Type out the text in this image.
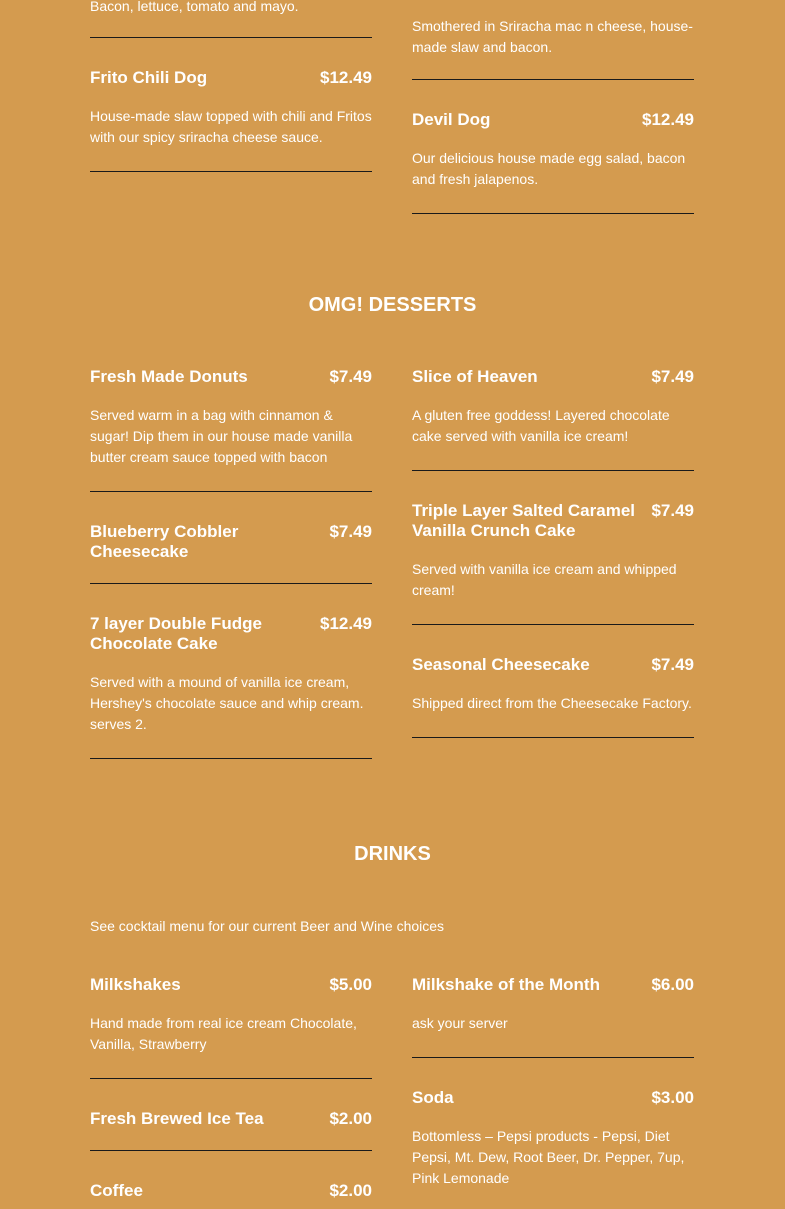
Bacon, lettuce, tomato and mayo.
Frito Chili Dog	$12.49
House-made slaw topped with chili and Fritos with our spicy sriracha cheese sauce.
Smothered in Sriracha mac n cheese, house-made slaw and bacon.
Devil Dog	$12.49
Our delicious house made egg salad, bacon and fresh jalapenos.
OMG! DESSERTS
Fresh Made Donuts	$7.49
Served warm in a bag with cinnamon & sugar! Dip them in our house made vanilla butter cream sauce topped with bacon
Blueberry Cobbler Cheesecake
$7.49
7 layer Double Fudge Chocolate Cake
$12.49
Served with a mound of vanilla ice cream, Hershey's chocolate sauce and whip cream. serves 2.
Slice of Heaven	$7.49
A gluten free goddess! Layered chocolate cake served with vanilla ice cream!
Triple Layer Salted Caramel Vanilla Crunch Cake
$7.49
Served with vanilla ice cream and whipped cream!
Seasonal Cheesecake	$7.49
Shipped direct from the Cheesecake Factory.
DRINKS
See cocktail menu for our current Beer and Wine choices
Milkshakes	$5.00
Hand made from real ice cream Chocolate, Vanilla, Strawberry
Fresh Brewed Ice Tea	$2.00
Coffee	$2.00
Milkshake of the Month	$6.00
ask your server
Soda	$3.00
Bottomless – Pepsi products - Pepsi, Diet Pepsi, Mt. Dew, Root Beer, Dr. Pepper, 7up, Pink Lemonade
